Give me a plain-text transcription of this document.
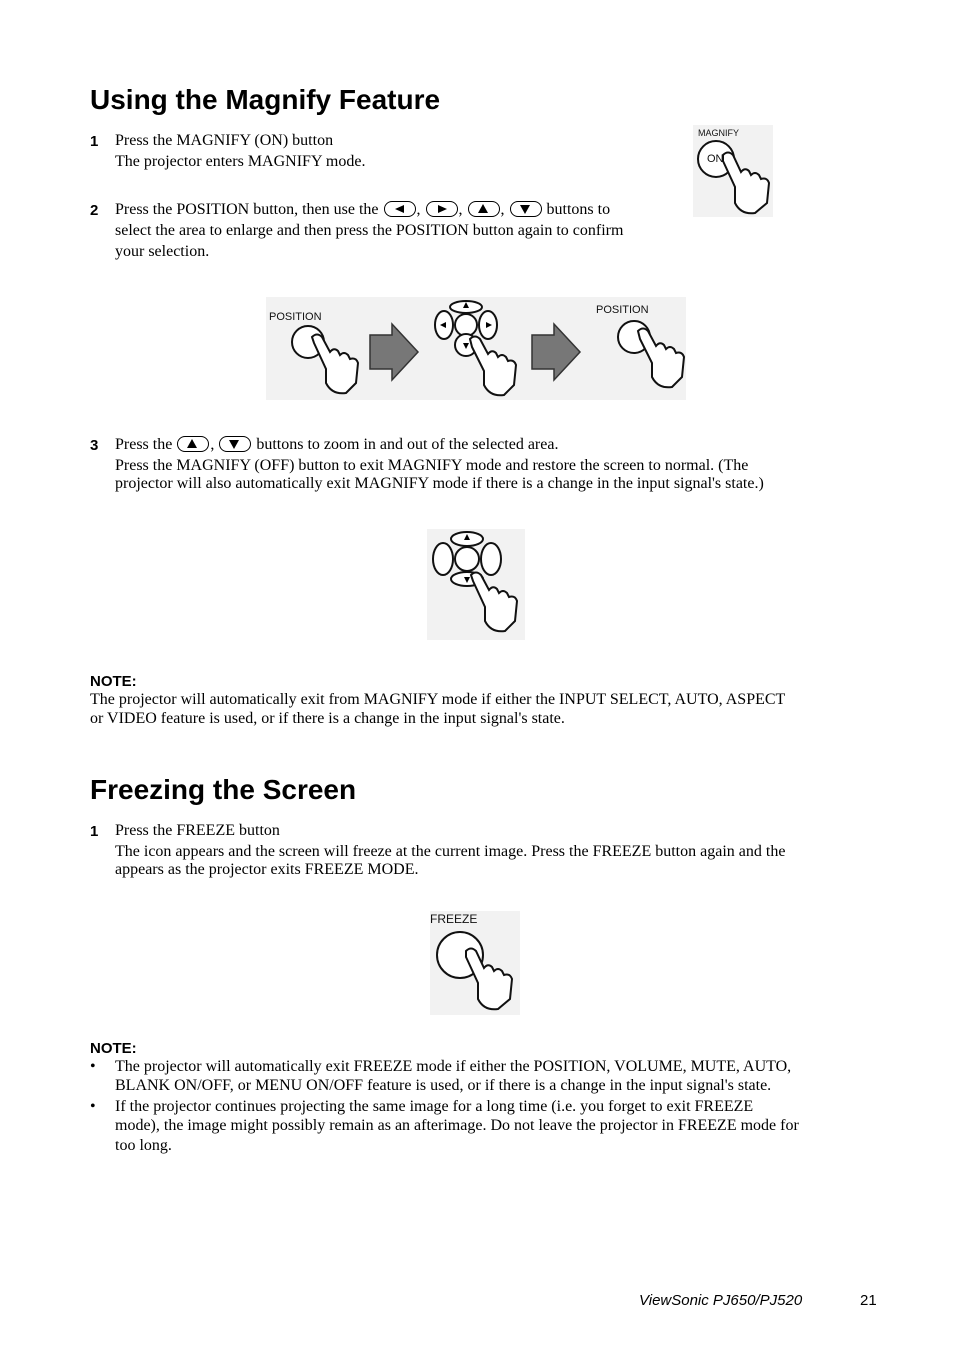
Using the Magnify Feature
1 Press the MAGNIFY (ON) button
The projector enters MAGNIFY mode.
MAGNIFY
ON
2 Press the POSITION button, then use the , , ,	buttons to
select the area to enlarge and then press the POSITION button again to confirm
your selection.
POSITION
POSITION
3 Press the ,	buttons to zoom in and out of the selected area.
Press the MAGNIFY (OFF) button to exit MAGNIFY mode and restore the screen to normal. (The
projector will also automatically exit MAGNIFY mode if there is a change in the input signal's state.)
NOTE:
The projector will automatically exit from MAGNIFY mode if either the INPUT SELECT, AUTO, ASPECT
or VIDEO feature is used, or if there is a change in the input signal's state.
Freezing the Screen
1 Press the FREEZE button
The icon appears and the screen will freeze at the current image. Press the FREEZE button again and the
appears as the projector exits FREEZE MODE.
FREEZE
NOTE:
• The projector will automatically exit FREEZE mode if either the POSITION, VOLUME, MUTE, AUTO,
BLANK ON/OFF, or MENU ON/OFF feature is used, or if there is a change in the input signal's state.
• If the projector continues projecting the same image for a long time (i.e. you forget to exit FREEZE
mode), the image might possibly remain as an afterimage. Do not leave the projector in FREEZE mode for
too long.
ViewSonic PJ650/PJ520	21
